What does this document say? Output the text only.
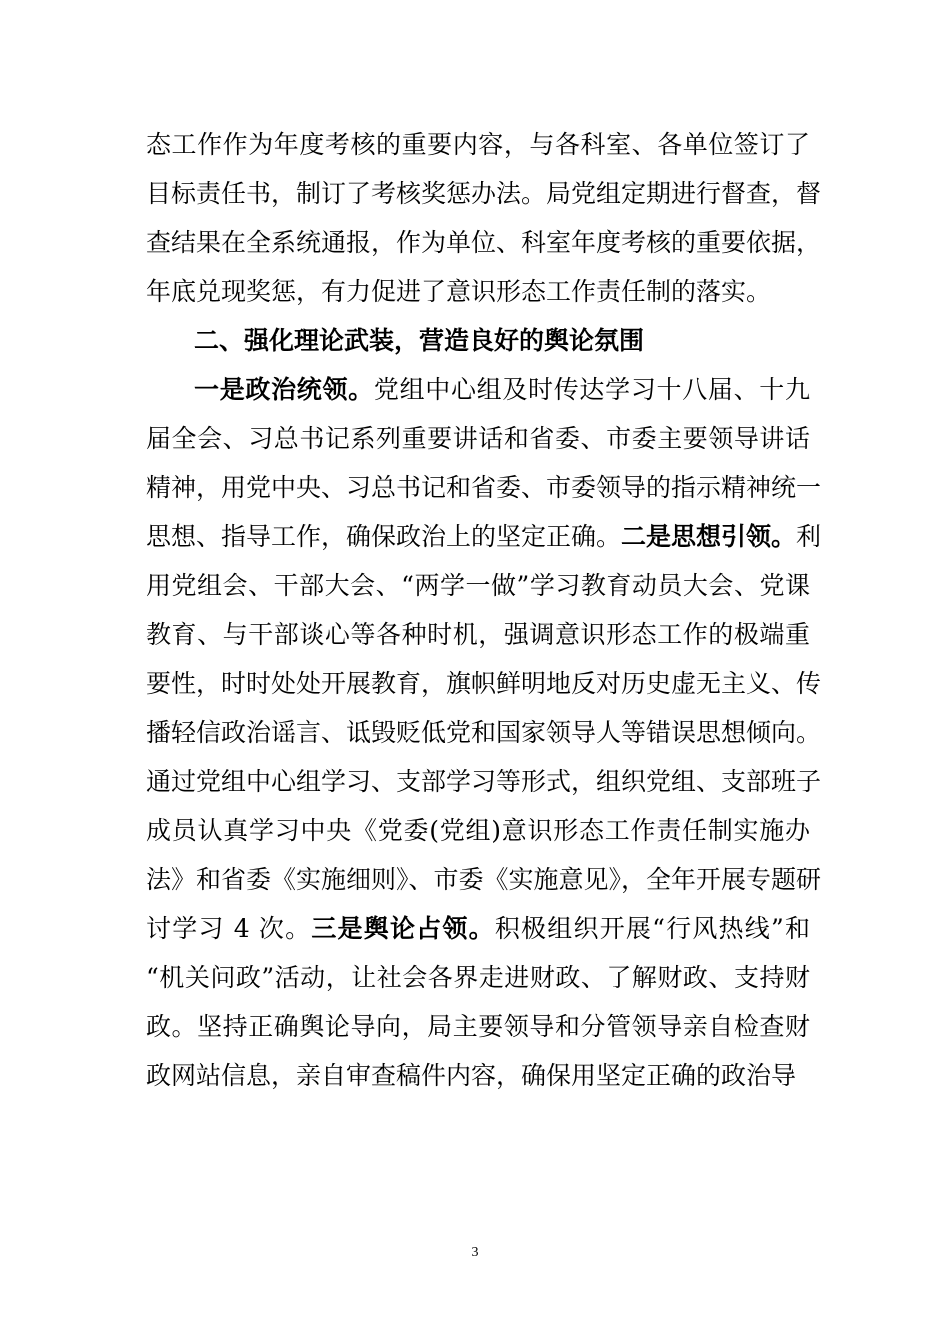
态工作作为年度考核的重要内容，与各科室、各单位签订了
目标责任书，制订了考核奖惩办法。局党组定期进行督查，督
查结果在全系统通报，作为单位、科室年度考核的重要依据，
年底兑现奖惩，有力促进了意识形态工作责任制的落实。
二、强化理论武装，营造良好的舆论氛围
一是政治统领。党组中心组及时传达学习十八届、十九
届全会、习总书记系列重要讲话和省委、市委主要领导讲话
精神，用党中央、习总书记和省委、市委领导的指示精神统一
思想、指导工作，确保政治上的坚定正确。二是思想引领。利
用党组会、干部大会、“两学一做”学习教育动员大会、党课
教育、与干部谈心等各种时机，强调意识形态工作的极端重
要性，时时处处开展教育，旗帜鲜明地反对历史虚无主义、传
播轻信政治谣言、诋毁贬低党和国家领导人等错误思想倾向。
通过党组中心组学习、支部学习等形式，组织党组、支部班子
成员认真学习中央《党委(党组)意识形态工作责任制实施办
法》和省委《实施细则》、市委《实施意见》，全年开展专题研
讨学习 4 次。三是舆论占领。积极组织开展“行风热线”和
“机关问政”活动，让社会各界走进财政、了解财政、支持财
政。坚持正确舆论导向，局主要领导和分管领导亲自检查财
政网站信息，亲自审查稿件内容，确保用坚定正确的政治导
3
